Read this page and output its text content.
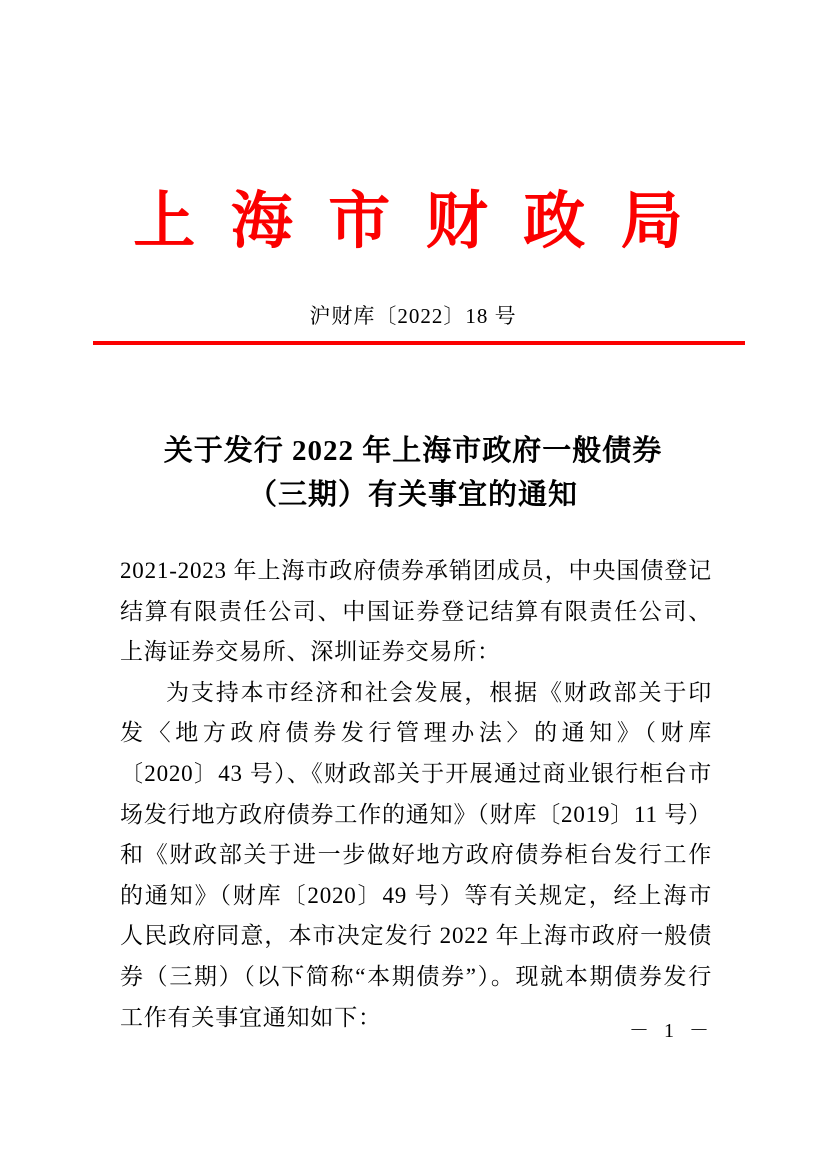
上 海 市 财 政 局
沪财库〔2022〕18 号
关于发行 2022 年上海市政府一般债券
（三期）有关事宜的通知

2021-2023 年上海市政府债券承销团成员，中央国债登记结算有限责任公司、中国证券登记结算有限责任公司、上海证券交易所、深圳证券交易所：

为支持本市经济和社会发展，根据《财政部关于印发〈地方政府债券发行管理办法〉的通知》（财库〔2020〕43 号）、《财政部关于开展通过商业银行柜台市场发行地方政府债券工作的通知》（财库〔2019〕11 号）和《财政部关于进一步做好地方政府债券柜台发行工作的通知》（财库〔2020〕49 号）等有关规定，经上海市人民政府同意，本市决定发行 2022 年上海市政府一般债券（三期）（以下简称“本期债券”）。现就本期债券发行工作有关事宜通知如下：

－ 1 －
